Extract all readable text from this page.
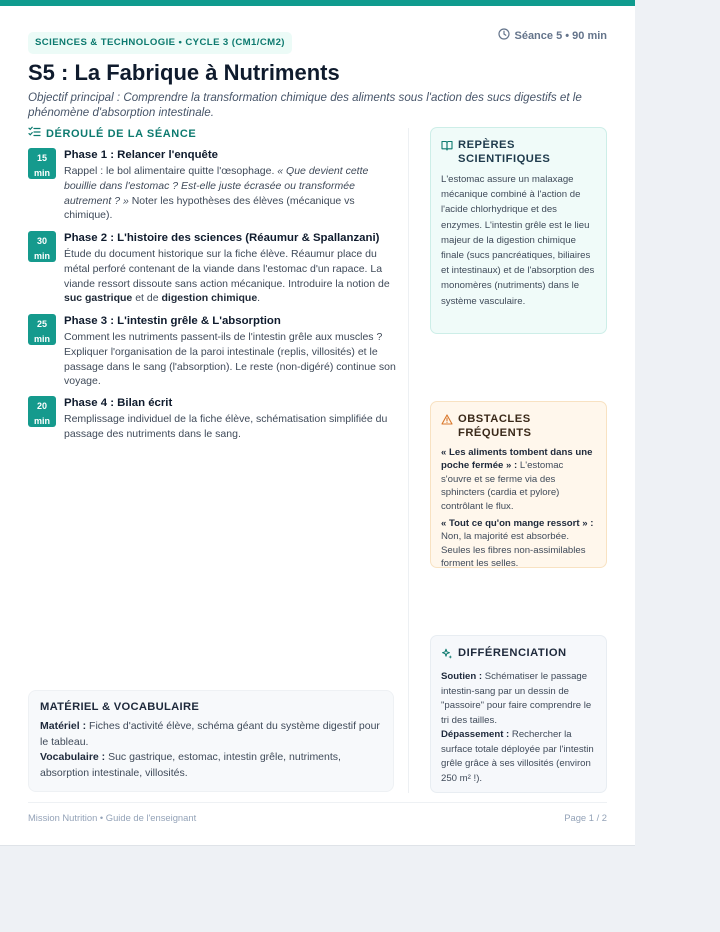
SCIENCES & TECHNOLOGIE • CYCLE 3 (CM1/CM2)
Séance 5 • 90 min
S5 : La Fabrique à Nutriments

Objectif principal : Comprendre la transformation chimique des aliments sous l'action des sucs digestifs et le phénomène d'absorption intestinale.

DÉROULÉ DE LA SÉANCE
15
min
Phase 1 : Relancer l'enquête
Rappel : le bol alimentaire quitte l'œsophage. « Que devient cette bouillie dans l'estomac ? Est-elle juste écrasée ou transformée autrement ? » Noter les hypothèses des élèves (mécanique vs chimique).
30
min
Phase 2 : L'histoire des sciences (Réaumur & Spallanzani)
Étude du document historique sur la fiche élève. Réaumur place du métal perforé contenant de la viande dans l'estomac d'un rapace. La viande ressort dissoute sans action mécanique. Introduire la notion de suc gastrique et de digestion chimique.
25
min
Phase 3 : L'intestin grêle & L'absorption
Comment les nutriments passent-ils de l'intestin grêle aux muscles ? Expliquer l'organisation de la paroi intestinale (replis, villosités) et le passage dans le sang (l'absorption). Le reste (non-digéré) continue son voyage.
20
min
Phase 4 : Bilan écrit
Remplissage individuel de la fiche élève, schématisation simplifiée du passage des nutriments dans le sang.
MATÉRIEL & VOCABULAIRE

Matériel : Fiches d'activité élève, schéma géant du système digestif pour le tableau.

Vocabulaire : Suc gastrique, estomac, intestin grêle, nutriments, absorption intestinale, villosités.

REPÈRES SCIENTIFIQUES
L'estomac assure un malaxage mécanique combiné à l'action de l'acide chlorhydrique et des enzymes. L'intestin grêle est le lieu majeur de la digestion chimique finale (sucs pancréatiques, biliaires et intestinaux) et de l'absorption des monomères (nutriments) dans le système vasculaire.
OBSTACLES FRÉQUENTS

« Les aliments tombent dans une poche fermée » : L'estomac s'ouvre et se ferme via des sphincters (cardia et pylore) contrôlant le flux.

« Tout ce qu'on mange ressort » : Non, la majorité est absorbée. Seules les fibres non-assimilables forment les selles.

DIFFÉRENCIATION
Soutien : Schématiser le passage intestin-sang par un dessin de "passoire" pour faire comprendre le tri des tailles.
Dépassement : Rechercher la surface totale déployée par l'intestin grêle grâce à ses villosités (environ 250 m² !).
Mission Nutrition • Guide de l'enseignant	Page 1 / 2
